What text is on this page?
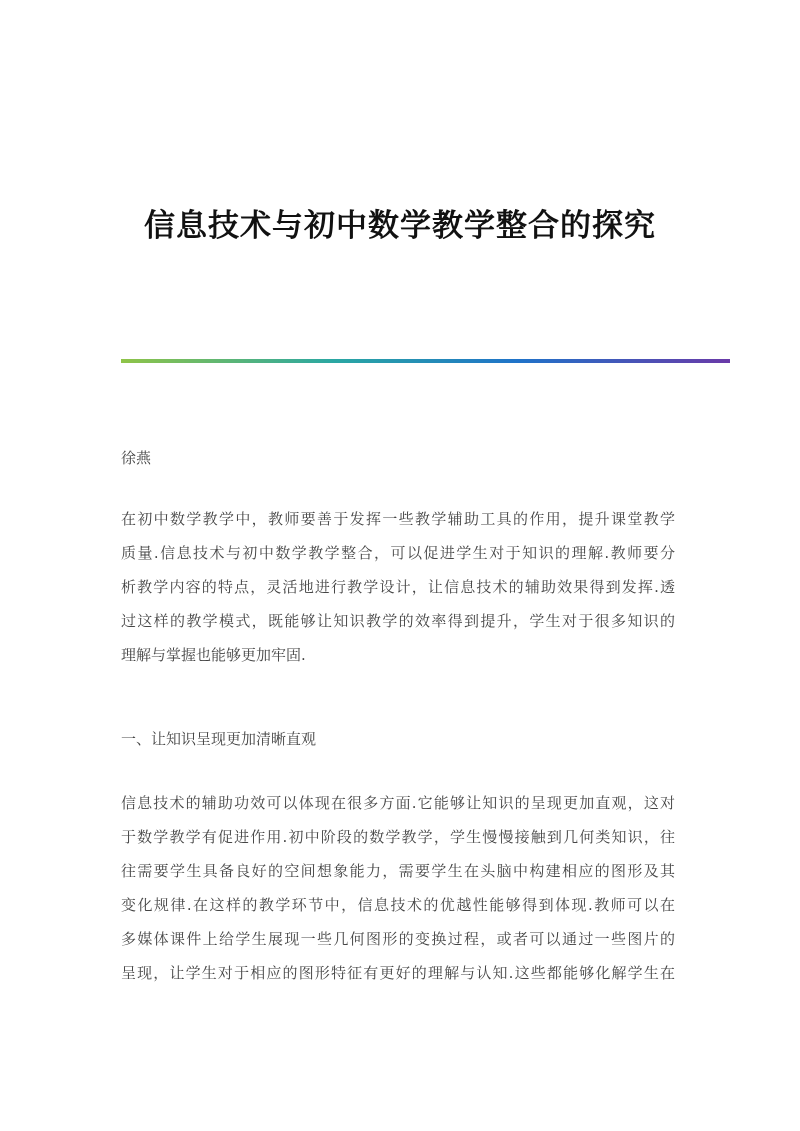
信息技术与初中数学教学整合的探究

徐燕

在初中数学教学中，教师要善于发挥一些教学辅助工具的作用，提升课堂教学
质量.信息技术与初中数学教学整合，可以促进学生对于知识的理解.教师要分
析教学内容的特点，灵活地进行教学设计，让信息技术的辅助效果得到发挥.透
过这样的教学模式，既能够让知识教学的效率得到提升，学生对于很多知识的
理解与掌握也能够更加牢固.

一、让知识呈现更加清晰直观

信息技术的辅助功效可以体现在很多方面.它能够让知识的呈现更加直观，这对
于数学教学有促进作用.初中阶段的数学教学，学生慢慢接触到几何类知识，往
往需要学生具备良好的空间想象能力，需要学生在头脑中构建相应的图形及其
变化规律.在这样的教学环节中，信息技术的优越性能够得到体现.教师可以在
多媒体课件上给学生展现一些几何图形的变换过程，或者可以通过一些图片的
呈现，让学生对于相应的图形特征有更好的理解与认知.这些都能够化解学生在
